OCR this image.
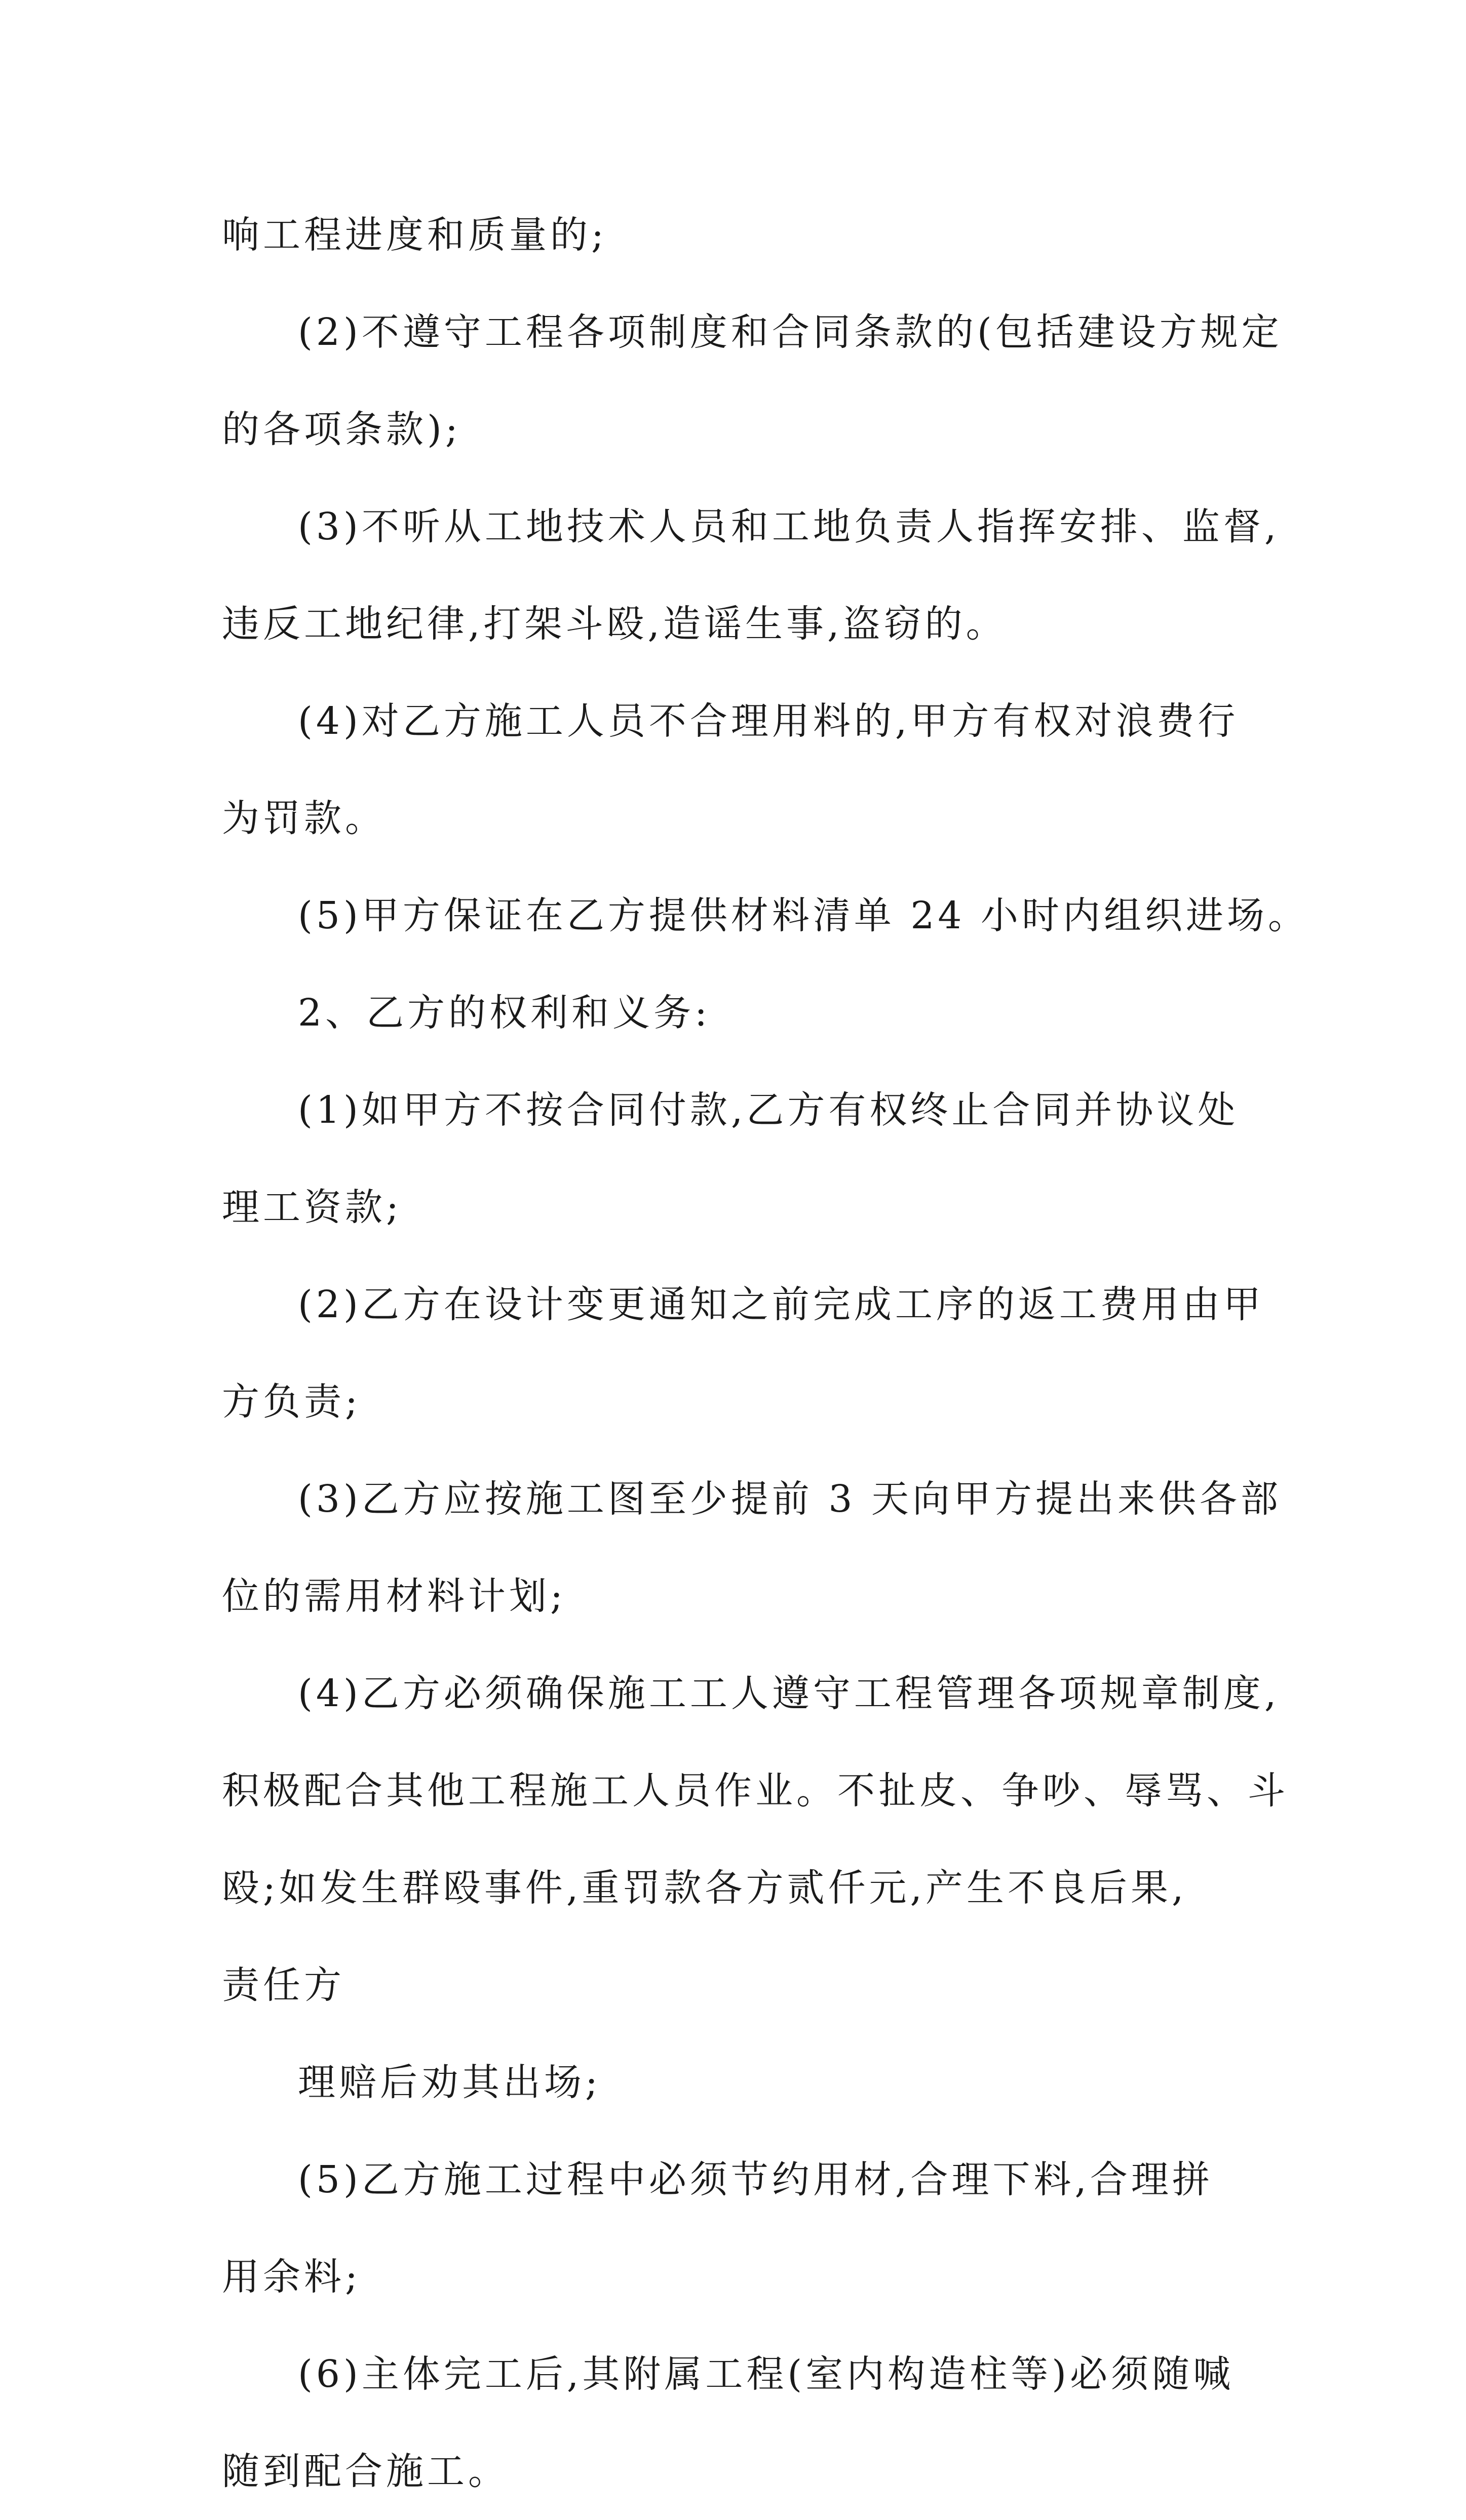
响工程进度和质量的;
(2)不遵守工程各项制度和合同条款的(包括建设方规定
的各项条款);
(3)不听从工地技术人员和工地负责人指挥安排、监督,
违反工地纪律,打架斗殴,造谣生事,盗窃的。
(4)对乙方施工人员不合理用料的,甲方有权对浪费行
为罚款。
(5)甲方保证在乙方提供材料清单 24 小时内组织进场。
2、乙方的权利和义务:
(1)如甲方不按合同付款,乙方有权终止合同并协议处
理工资款;
(2)乙方在设计变更通知之前完成工序的返工费用由甲
方负责;
(3)乙方应按施工图至少提前 3 天向甲方提出来供各部
位的需用材料计划;
(4)乙方必须确保施工工人遵守工程管理各项规章制度,
积极配合其他工程施工人员作业。不扯皮、争吵、辱骂、斗
殴;如发生群殴事件,重罚款各方贰仟元,产生不良后果,
责任方
理赔后劝其出场;
(5)乙方施工过程中必须节约用材,合理下料,合理拼
用余料;
(6)主体完工后,其附属工程(室内构造柱等)必须随喊
随到配合施工。
